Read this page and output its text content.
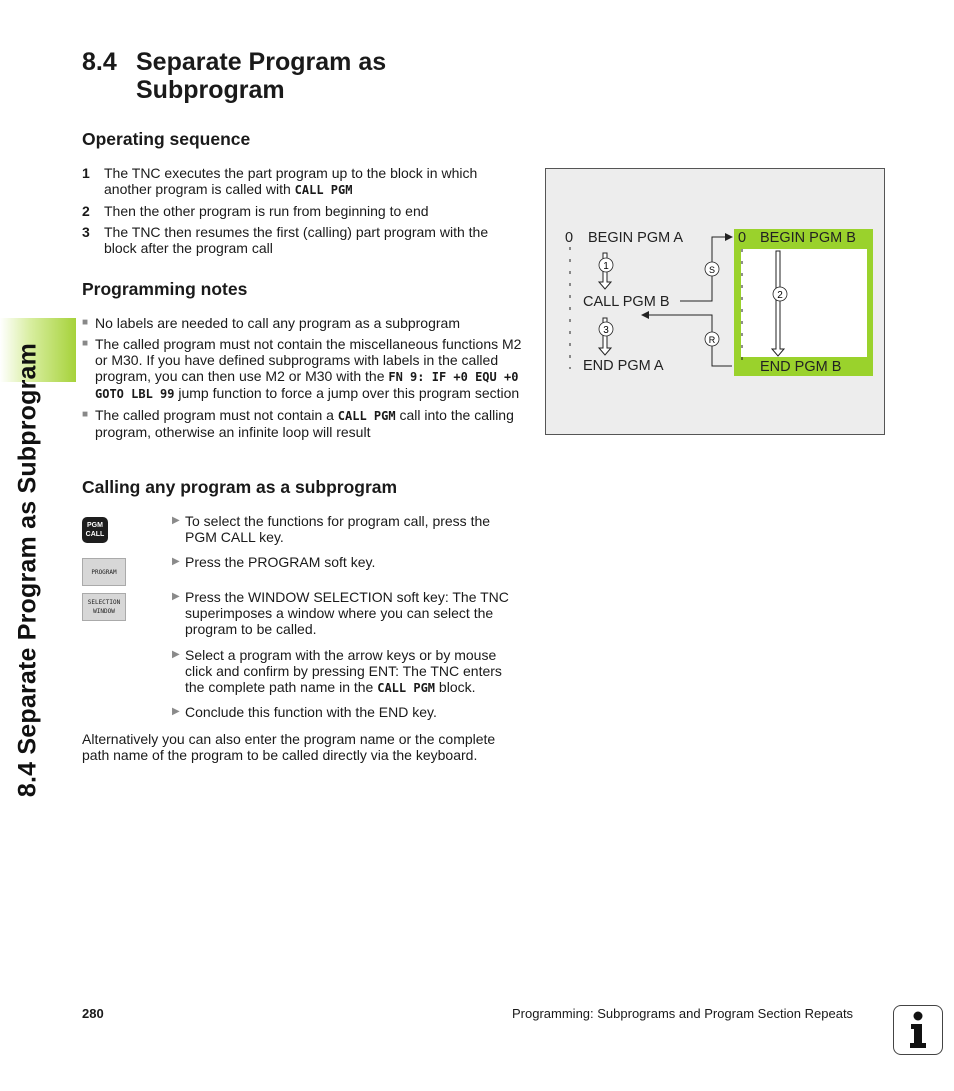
8.4 Separate Program as Subprogram
8.4 Separate Program as
Subprogram
Operating sequence
1	The TNC executes the part program up to the block in which another program is called with CALL PGM
2	Then the other program is run from beginning to end
3	The TNC then resumes the first (calling) part program with the block after the program call
Programming notes
■ No labels are needed to call any program as a subprogram
■ The called program must not contain the miscellaneous functions M2 or M30. If you have defined subprograms with labels in the called program, you can then use M2 or M30 with the FN 9: IF +0 EQU +0 GOTO LBL 99 jump function to force a jump over this program section
■ The called program must not contain a CALL PGM call into the calling program, otherwise an infinite loop will result
Calling any program as a subprogram
PGM
CALL
PROGRAM
SELECTION
WINDOW
▶ To select the functions for program call, press the PGM CALL key.
▶ Press the PROGRAM soft key.
▶ Press the WINDOW SELECTION soft key: The TNC superimposes a window where you can select the program to be called.
▶ Select a program with the arrow keys or by mouse click and confirm by pressing ENT: The TNC enters the complete path name in the CALL PGM block.
▶ Conclude this function with the END key.
Alternatively you can also enter the program name or the complete path name of the program to be called directly via the keyboard.
1
3
S
R
2
0 BEGIN PGM A
CALL PGM B
END PGM A
0 BEGIN PGM B
END PGM B
280	Programming: Subprograms and Program Section Repeats
